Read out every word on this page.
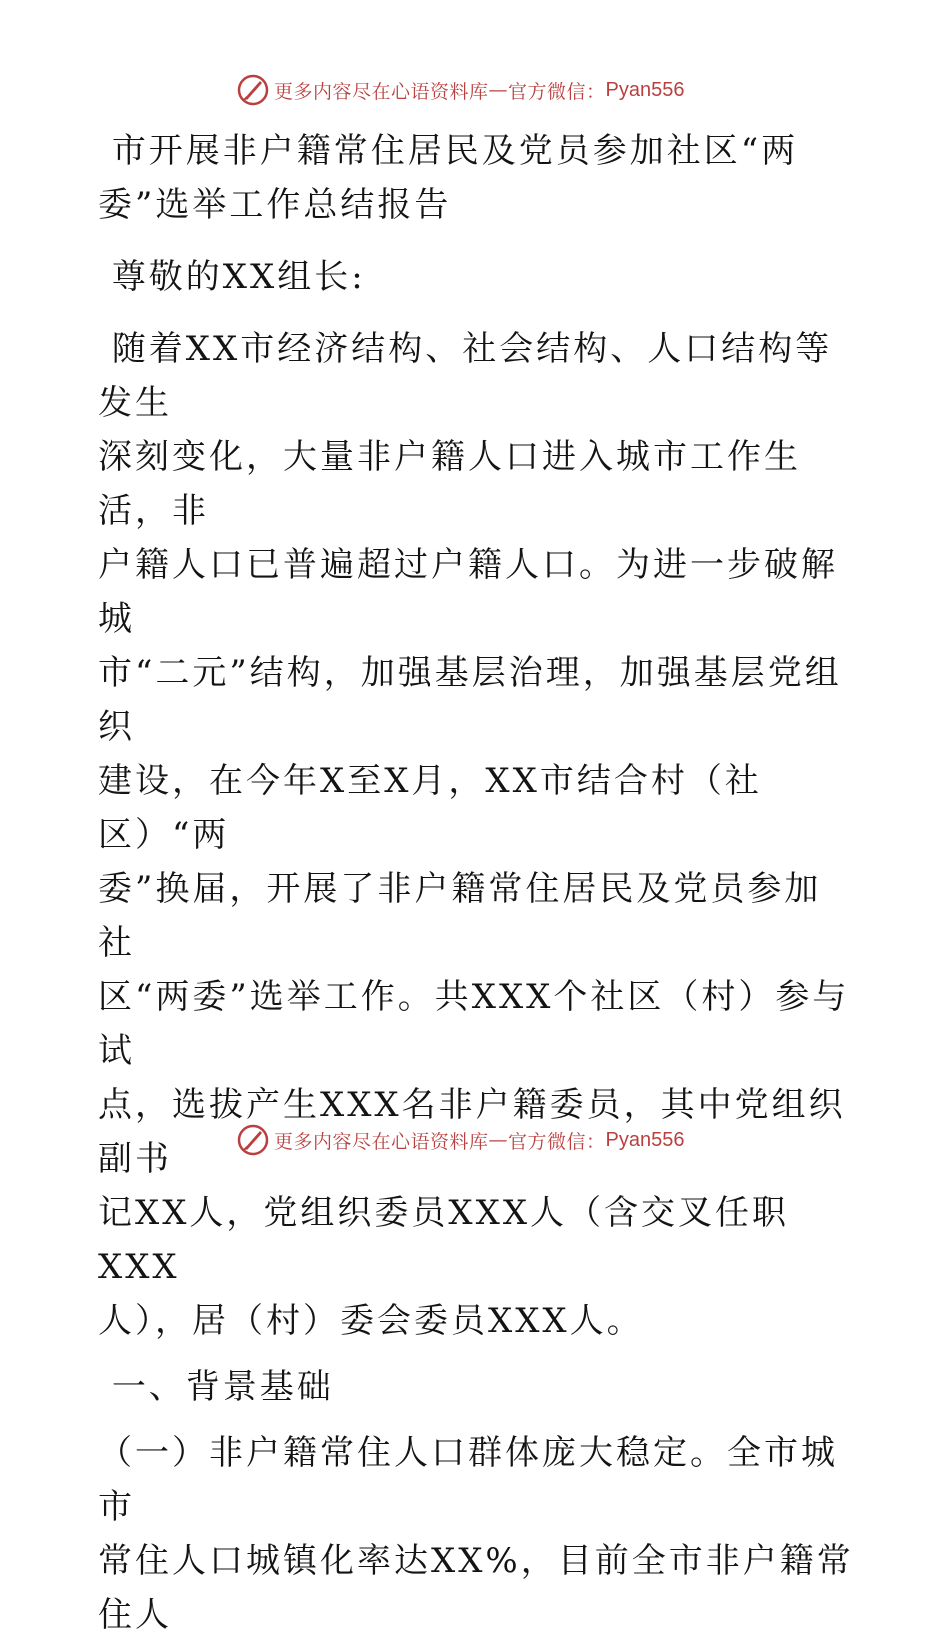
更多内容尽在心语资料库 — 官方微信： Pyan556

市开展非户籍常住居民及党员参加社区“两

委”选举工作总结报告

尊敬的XX组长:

随着XX市经济结构、社会结构、人口结构等发生

深刻变化，大量非户籍人口进入城市工作生活，非

户籍人口已普遍超过户籍人口。为进一步破解城

市“二元”结构，加强基层治理，加强基层党组织

建设，在今年X至X月，XX市结合村（社区）“两

委”换届，开展了非户籍常住居民及党员参加社

区“两委”选举工作。共XXX个社区（村）参与试

点，选拔产生XXX名非户籍委员，其中党组织副书

记XX人，党组织委员XXX人（含交叉任职XXX

人），居（村）委会委员XXX人。

一、背景基础

（一）非户籍常住人口群体庞大稳定。全市城市

常住人口城镇化率达XX%，目前全市非户籍常住人

更多内容尽在心语资料库 — 官方微信： Pyan556
